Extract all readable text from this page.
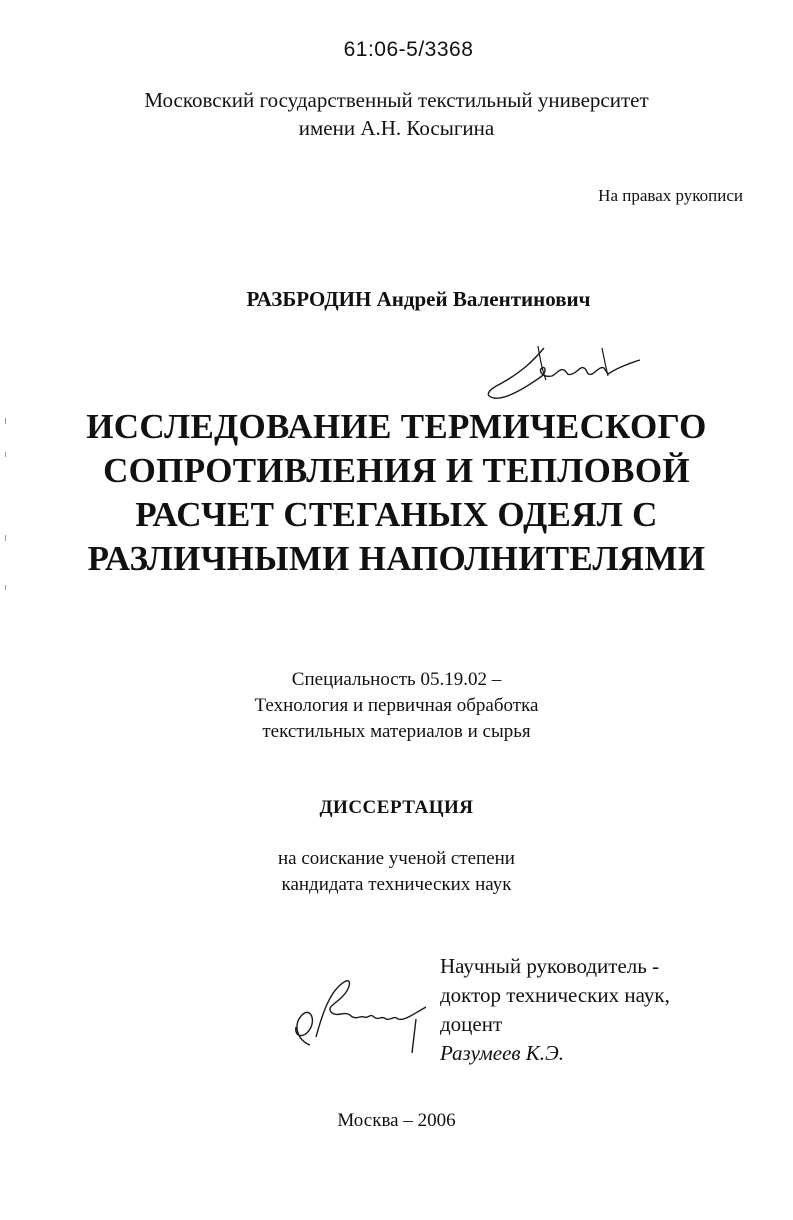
61:06-5/3368
Московский государственный текстильный университет
имени А.Н. Косыгина
На правах рукописи
РАЗБРОДИН Андрей Валентинович
ИССЛЕДОВАНИЕ ТЕРМИЧЕСКОГО
СОПРОТИВЛЕНИЯ И ТЕПЛОВОЙ
РАСЧЕТ СТЕГАНЫХ ОДЕЯЛ С
РАЗЛИЧНЫМИ НАПОЛНИТЕЛЯМИ
Специальность 05.19.02 –
Технология и первичная обработка
текстильных материалов и сырья
ДИССЕРТАЦИЯ
на соискание ученой степени
кандидата технических наук
Научный руководитель -
доктор технических наук,
доцент
Разумеев К.Э.
Москва – 2006
